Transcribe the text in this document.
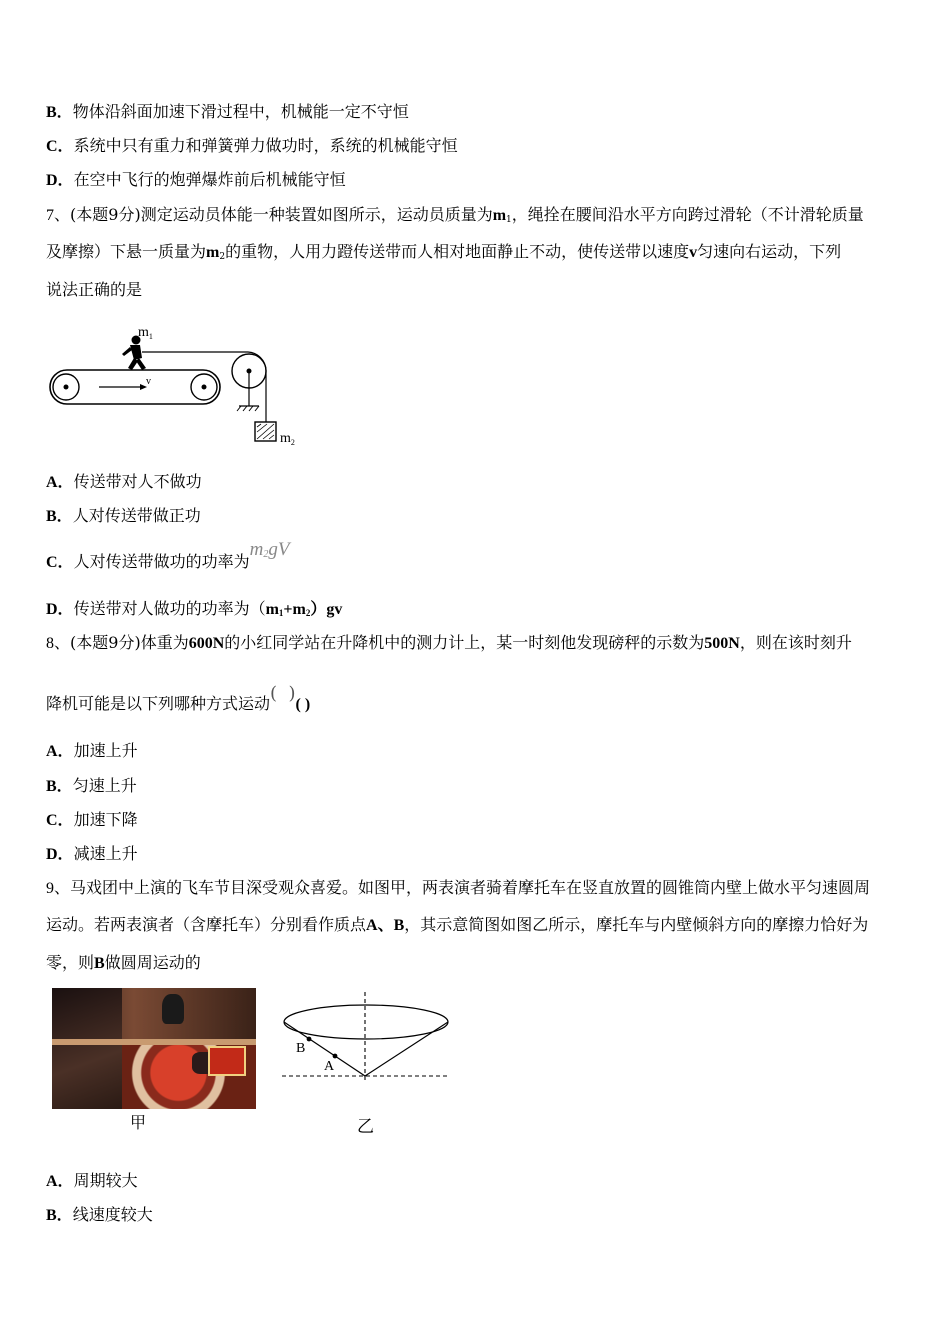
B．物体沿斜面加速下滑过程中，机械能一定不守恒
C．系统中只有重力和弹簧弹力做功时，系统的机械能守恒
D．在空中飞行的炮弹爆炸前后机械能守恒
7、(本题9分)测定运动员体能一种装置如图所示，运动员质量为$m_1$，绳拴在腰间沿水平方向跨过滑轮（不计滑轮质量
及摩擦）下悬一质量为$m_2$的重物，人用力蹬传送带而人相对地面静止不动，使传送带以速度v匀速向右运动，下列
说法正确的是
v
$m_1$
$m_2$
A．传送带对人不做功
B．人对传送带做正功
C．人对传送带做功的功率为$m_2gV$
D．传送带对人做功的功率为$(m_1+m_2)gv$
8、(本题9分)体重为600N的小红同学站在升降机中的测力计上，某一时刻他发现磅秤的示数为500N，则在该时刻升
降机可能是以下列哪种方式运动(  )( )
A．加速上升
B．匀速上升
C．加速下降
D．减速上升
9、马戏团中上演的飞车节目深受观众喜爱。如图甲，两表演者骑着摩托车在竖直放置的圆锥筒内壁上做水平匀速圆周
运动。若两表演者（含摩托车）分别看作质点A、B，其示意简图如图乙所示，摩托车与内壁倾斜方向的摩擦力恰好为
零，则B做圆周运动的
甲
B
A
乙
A．周期较大
B．线速度较大
